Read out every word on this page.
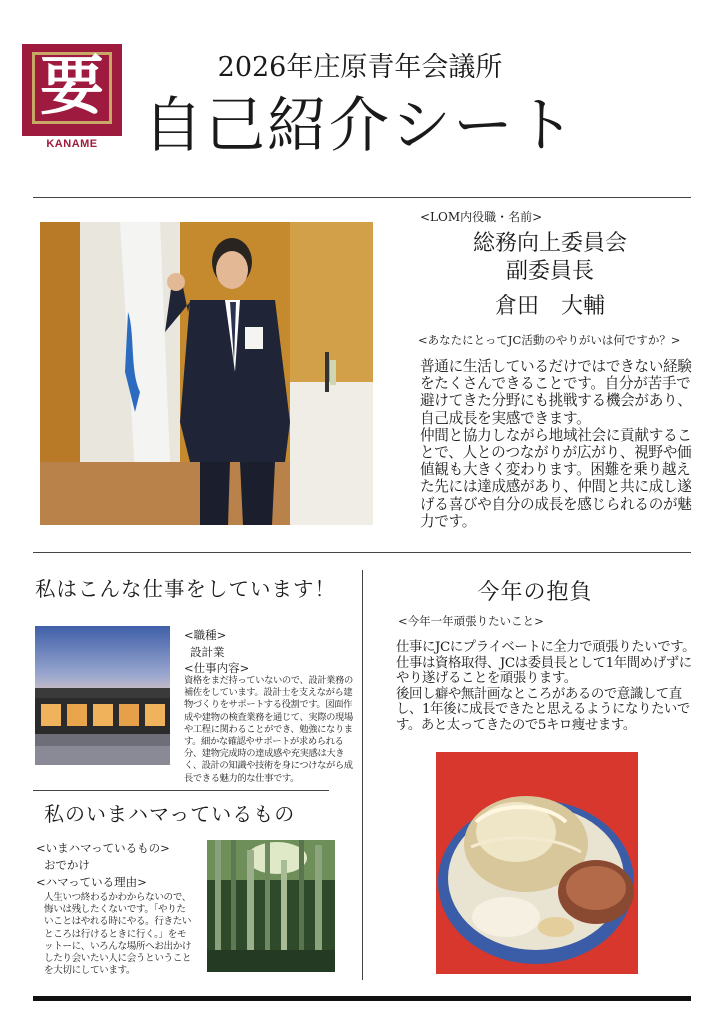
要
KANAME
2026年庄原青年会議所
自己紹介シート
<LOM内役職・名前>
総務向上委員会
副委員長
倉田　大輔
<あなたにとってJC活動のやりがいは何ですか？>
普通に生活しているだけではできない経験をたくさんできることです。自分が苦手で避けてきた分野にも挑戦する機会があり、自己成長を実感できます。
仲間と協力しながら地域社会に貢献することで、人とのつながりが広がり、視野や価値観も大きく変わります。困難を乗り越えた先には達成感があり、仲間と共に成し遂げる喜びや自分の成長を感じられるのが魅力です。
私はこんな仕事をしています！
<職種>
設計業
<仕事内容>
資格をまだ持っていないので、設計業務の補佐をしています。設計士を支えながら建物づくりをサポートする役割です。図面作成や建物の検査業務を通じて、実際の現場や工程に関わることができ、勉強になります。細かな確認やサポートが求められる分、建物完成時の達成感や充実感は大きく、設計の知識や技術を身につけながら成長できる魅力的な仕事です。
私のいまハマっているもの
<いまハマっているもの>
おでかけ
<ハマっている理由>
人生いつ終わるかわからないので、悔いは残したくないです。「やりたいことはやれる時にやる。行きたいところは行けるときに行く。」をモットーに、いろんな場所へお出かけしたり会いたい人に会うということを大切にしています。
今年の抱負
<今年一年頑張りたいこと>
仕事にJCにプライベートに全力で頑張りたいです。仕事は資格取得、JCは委員長として1年間めげずにやり遂げることを頑張ります。
後回し癖や無計画なところがあるので意識して直し、1年後に成長できたと思えるようになりたいです。あと太ってきたので5キロ痩せます。
